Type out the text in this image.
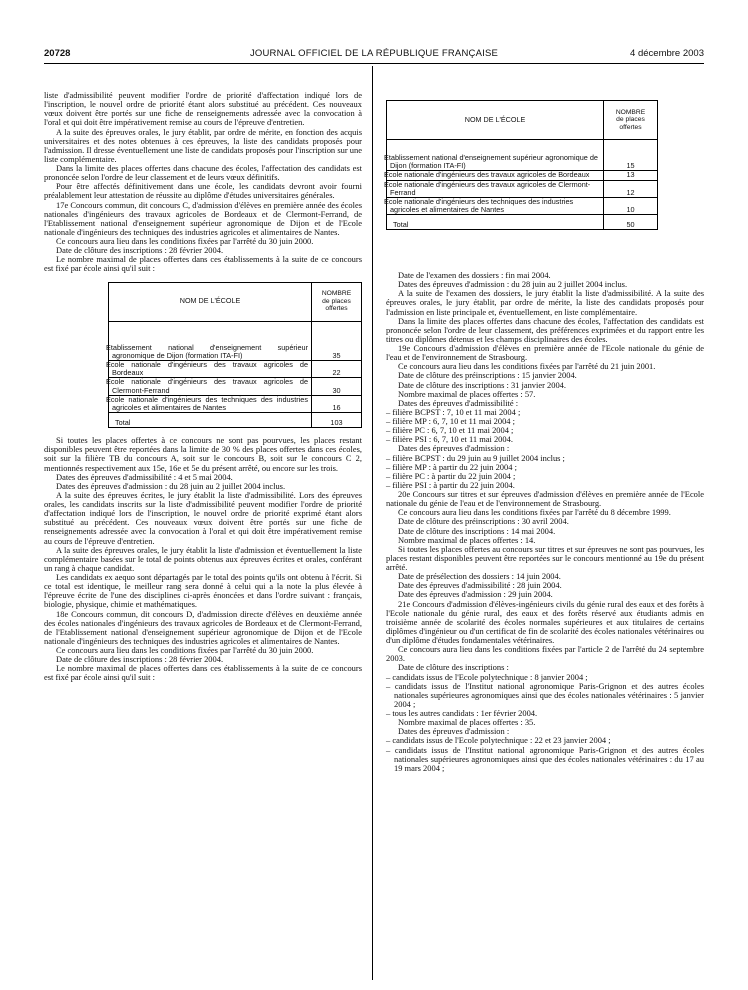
20728	JOURNAL OFFICIEL DE LA RÉPUBLIQUE FRANÇAISE	4 décembre 2003

liste d'admissibilité peuvent modifier l'ordre de priorité d'affectation indiqué lors de l'inscription, le nouvel ordre de priorité étant alors substitué au précédent. Ces nouveaux vœux doivent être portés sur une fiche de renseignements adressée avec la convocation à l'oral et qui doit être impérativement remise au cours de l'épreuve d'entretien.

A la suite des épreuves orales, le jury établit, par ordre de mérite, en fonction des acquis universitaires et des notes obtenues à ces épreuves, la liste des candidats proposés pour l'admission. Il dresse éventuellement une liste de candidats proposés pour l'inscription sur une liste complémentaire.

Dans la limite des places offertes dans chacune des écoles, l'affectation des candidats est prononcée selon l'ordre de leur classement et de leurs vœux définitifs.

Pour être affectés définitivement dans une école, les candidats devront avoir fourni préalablement leur attestation de réussite au diplôme d'études universitaires générales.

17e Concours commun, dit concours C, d'admission d'élèves en première année des écoles nationales d'ingénieurs des travaux agricoles de Bordeaux et de Clermont-Ferrand, de l'Etablissement national d'enseignement supérieur agronomique de Dijon et de l'Ecole nationale d'ingénieurs des techniques des industries agricoles et alimentaires de Nantes.

Ce concours aura lieu dans les conditions fixées par l'arrêté du 30 juin 2000.

Date de clôture des inscriptions : 28 février 2004.

Le nombre maximal de places offertes dans ces établissements à la suite de ce concours est fixé par école ainsi qu'il suit :

NOM DE L'ÉCOLE	NOMBRE
de places
offertes
Etablissement national d'enseignement supérieur agronomique de Dijon (formation ITA-FI)	35
Ecole nationale d'ingénieurs des travaux agricoles de Bordeaux	22
Ecole nationale d'ingénieurs des travaux agricoles de Clermont-Ferrand	30
Ecole nationale d'ingénieurs des techniques des industries agricoles et alimentaires de Nantes	16
Total	103

Si toutes les places offertes à ce concours ne sont pas pourvues, les places restant disponibles peuvent être reportées dans la limite de 30 % des places offertes dans ces écoles, soit sur la filière TB du concours A, soit sur le concours B, soit sur le concours C 2, mentionnés respectivement aux 15e, 16e et 5e du présent arrêté, ou encore sur les trois.

Dates des épreuves d'admissibilité : 4 et 5 mai 2004.

Dates des épreuves d'admission : du 28 juin au 2 juillet 2004 inclus.

A la suite des épreuves écrites, le jury établit la liste d'admissibilité. Lors des épreuves orales, les candidats inscrits sur la liste d'admissibilité peuvent modifier l'ordre de priorité d'affectation indiqué lors de l'inscription, le nouvel ordre de priorité exprimé étant alors substitué au précédent. Ces nouveaux vœux doivent être portés sur une fiche de renseignements adressée avec la convocation à l'oral et qui doit être impérativement remise au cours de l'épreuve d'entretien.

A la suite des épreuves orales, le jury établit la liste d'admission et éventuellement la liste complémentaire basées sur le total de points obtenus aux épreuves écrites et orales, conférant un rang à chaque candidat.

Les candidats ex aequo sont départagés par le total des points qu'ils ont obtenu à l'écrit. Si ce total est identique, le meilleur rang sera donné à celui qui a la note la plus élevée à l'épreuve écrite de l'une des disciplines ci-après énoncées et dans l'ordre suivant : français, biologie, physique, chimie et mathématiques.

18e Concours commun, dit concours D, d'admission directe d'élèves en deuxième année des écoles nationales d'ingénieurs des travaux agricoles de Bordeaux et de Clermont-Ferrand, de l'Etablissement national d'enseignement supérieur agronomique de Dijon et de l'Ecole nationale d'ingénieurs des techniques des industries agricoles et alimentaires de Nantes.

Ce concours aura lieu dans les conditions fixées par l'arrêté du 30 juin 2000.

Date de clôture des inscriptions : 28 février 2004.

Le nombre maximal de places offertes dans ces établissements à la suite de ce concours est fixé par école ainsi qu'il suit :

NOM DE L'ÉCOLE	NOMBRE
de places
offertes
Etablissement national d'enseignement supérieur agronomique de Dijon (formation ITA-FI)	15
Ecole nationale d'ingénieurs des travaux agricoles de Bordeaux	13
Ecole nationale d'ingénieurs des travaux agricoles de Clermont-Ferrand	12
Ecole nationale d'ingénieurs des techniques des industries agricoles et alimentaires de Nantes	10
Total	50

Date de l'examen des dossiers : fin mai 2004.

Dates des épreuves d'admission : du 28 juin au 2 juillet 2004 inclus.

A la suite de l'examen des dossiers, le jury établit la liste d'admissibilité. A la suite des épreuves orales, le jury établit, par ordre de mérite, la liste des candidats proposés pour l'admission en liste principale et, éventuellement, en liste complémentaire.

Dans la limite des places offertes dans chacune des écoles, l'affectation des candidats est prononcée selon l'ordre de leur classement, des préférences exprimées et du rapport entre les titres ou diplômes détenus et les champs disciplinaires des écoles.

19e Concours d'admission d'élèves en première année de l'Ecole nationale du génie de l'eau et de l'environnement de Strasbourg.

Ce concours aura lieu dans les conditions fixées par l'arrêté du 21 juin 2001.

Date de clôture des préinscriptions : 15 janvier 2004.

Date de clôture des inscriptions : 31 janvier 2004.

Nombre maximal de places offertes : 57.

Dates des épreuves d'admissibilité :

– filière BCPST : 7, 10 et 11 mai 2004 ;

– filière MP : 6, 7, 10 et 11 mai 2004 ;

– filière PC : 6, 7, 10 et 11 mai 2004 ;

– filière PSI : 6, 7, 10 et 11 mai 2004.

Dates des épreuves d'admission :

– filière BCPST : du 29 juin au 9 juillet 2004 inclus ;

– filière MP : à partir du 22 juin 2004 ;

– filière PC : à partir du 22 juin 2004 ;

– filière PSI : à partir du 22 juin 2004.

20e Concours sur titres et sur épreuves d'admission d'élèves en première année de l'Ecole nationale du génie de l'eau et de l'environnement de Strasbourg.

Ce concours aura lieu dans les conditions fixées par l'arrêté du 8 décembre 1999.

Date de clôture des préinscriptions : 30 avril 2004.

Date de clôture des inscriptions : 14 mai 2004.

Nombre maximal de places offertes : 14.

Si toutes les places offertes au concours sur titres et sur épreuves ne sont pas pourvues, les places restant disponibles peuvent être reportées sur le concours mentionné au 19e du présent arrêté.

Date de présélection des dossiers : 14 juin 2004.

Date des épreuves d'admissibilité : 28 juin 2004.

Date des épreuves d'admission : 29 juin 2004.

21e Concours d'admission d'élèves-ingénieurs civils du génie rural des eaux et des forêts à l'Ecole nationale du génie rural, des eaux et des forêts réservé aux étudiants admis en troisième année de scolarité des écoles normales supérieures et aux titulaires de certains diplômes d'ingénieur ou d'un certificat de fin de scolarité des écoles nationales vétérinaires ou d'un diplôme d'études fondamentales vétérinaires.

Ce concours aura lieu dans les conditions fixées par l'article 2 de l'arrêté du 24 septembre 2003.

Date de clôture des inscriptions :

– candidats issus de l'Ecole polytechnique : 8 janvier 2004 ;

– candidats issus de l'Institut national agronomique Paris-Grignon et des autres écoles nationales supérieures agronomiques ainsi que des écoles nationales vétérinaires : 5 janvier 2004 ;

– tous les autres candidats : 1er février 2004.

Nombre maximal de places offertes : 35.

Dates des épreuves d'admission :

– candidats issus de l'Ecole polytechnique : 22 et 23 janvier 2004 ;

– candidats issus de l'Institut national agronomique Paris-Grignon et des autres écoles nationales supérieures agronomiques ainsi que des écoles nationales vétérinaires : du 17 au 19 mars 2004 ;
